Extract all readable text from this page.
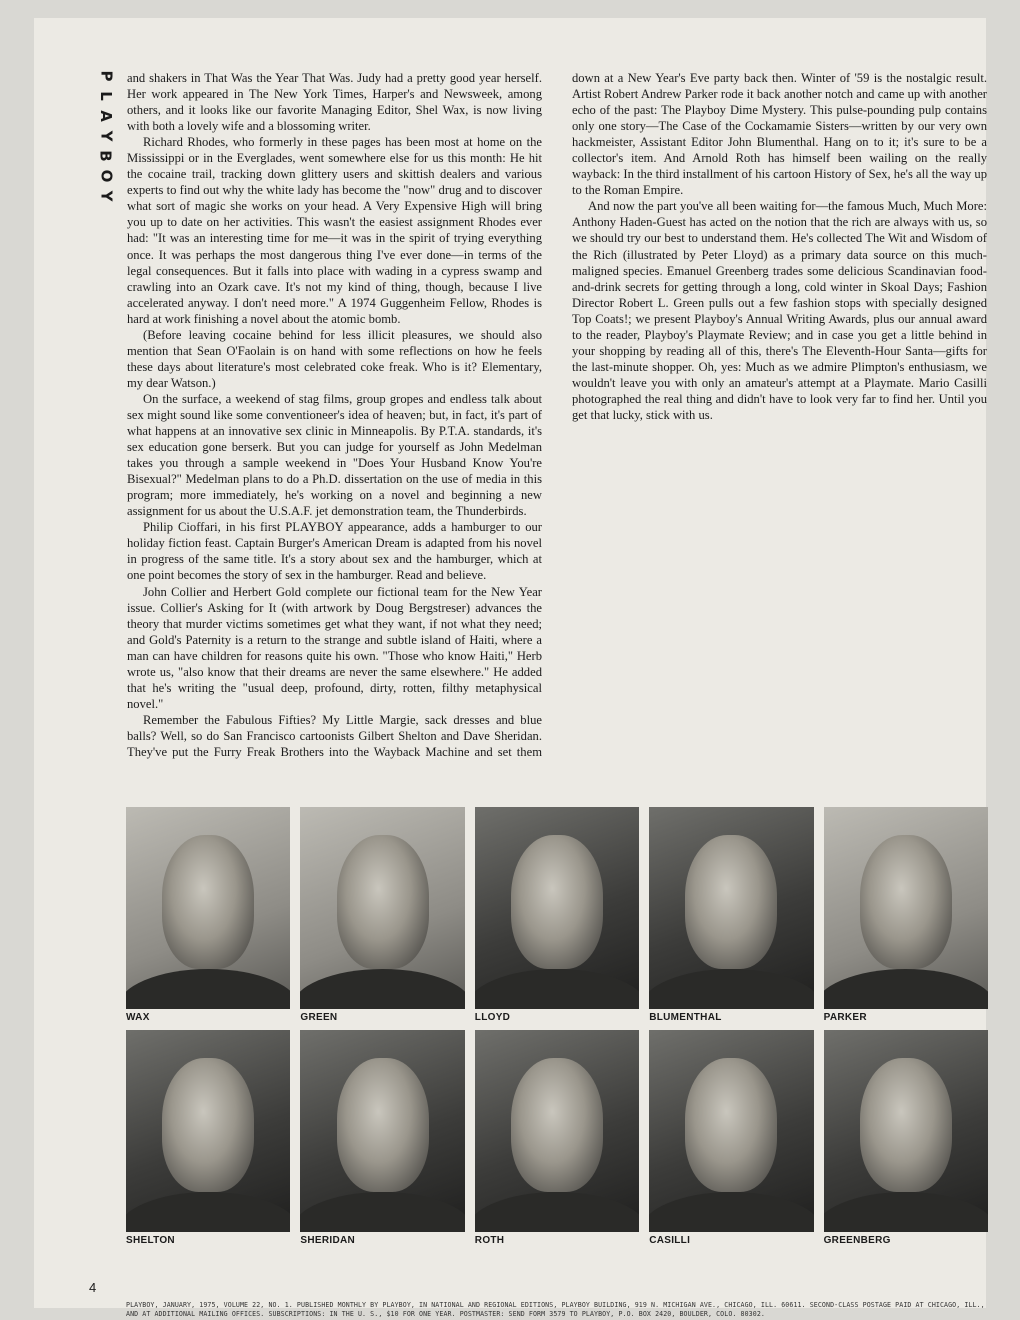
P
L
A
Y
B
O
Y

and shakers in That Was the Year That Was. Judy had a pretty good year herself. Her work appeared in The New York Times, Harper's and Newsweek, among others, and it looks like our favorite Managing Editor, Shel Wax, is now living with both a lovely wife and a blossoming writer.

Richard Rhodes, who formerly in these pages has been most at home on the Mississippi or in the Everglades, went somewhere else for us this month: He hit the cocaine trail, tracking down glittery users and skittish dealers and various experts to find out why the white lady has become the "now" drug and to discover what sort of magic she works on your head. A Very Expensive High will bring you up to date on her activities. This wasn't the easiest assignment Rhodes ever had: "It was an interesting time for me—it was in the spirit of trying everything once. It was perhaps the most dangerous thing I've ever done—in terms of the legal consequences. But it falls into place with wading in a cypress swamp and crawling into an Ozark cave. It's not my kind of thing, though, because I live accelerated anyway. I don't need more." A 1974 Guggenheim Fellow, Rhodes is hard at work finishing a novel about the atomic bomb.

(Before leaving cocaine behind for less illicit pleasures, we should also mention that Sean O'Faolain is on hand with some reflections on how he feels these days about literature's most celebrated coke freak. Who is it? Elementary, my dear Watson.)

On the surface, a weekend of stag films, group gropes and endless talk about sex might sound like some conventioneer's idea of heaven; but, in fact, it's part of what happens at an innovative sex clinic in Minneapolis. By P.T.A. standards, it's sex education gone berserk. But you can judge for yourself as John Medelman takes you through a sample weekend in "Does Your Husband Know You're Bisexual?" Medelman plans to do a Ph.D. dissertation on the use of media in this program; more immediately, he's working on a novel and beginning a new assignment for us about the U.S.A.F. jet demonstration team, the Thunderbirds.

Philip Cioffari, in his first PLAYBOY appearance, adds a hamburger to our holiday fiction feast. Captain Burger's American Dream is adapted from his novel in progress of the same title. It's a story about sex and the hamburger, which at one point becomes the story of sex in the hamburger. Read and believe.

John Collier and Herbert Gold complete our fictional team for the New Year issue. Collier's Asking for It (with artwork by Doug Bergstreser) advances the theory that murder victims sometimes get what they want, if not what they need; and Gold's Paternity is a return to the strange and subtle island of Haiti, where a man can have children for reasons quite his own. "Those who know Haiti," Herb wrote us, "also know that their dreams are never the same elsewhere." He added that he's writing the "usual deep, profound, dirty, rotten, filthy metaphysical novel."

Remember the Fabulous Fifties? My Little Margie, sack dresses and blue balls? Well, so do San Francisco cartoonists Gilbert Shelton and Dave Sheridan. They've put the Furry Freak Brothers into the Wayback Machine and set them down at a New Year's Eve party back then. Winter of '59 is the nostalgic result. Artist Robert Andrew Parker rode it back another notch and came up with another echo of the past: The Playboy Dime Mystery. This pulse-pounding pulp contains only one story—The Case of the Cockamamie Sisters—written by our very own hackmeister, Assistant Editor John Blumenthal. Hang on to it; it's sure to be a collector's item. And Arnold Roth has himself been wailing on the really wayback: In the third installment of his cartoon History of Sex, he's all the way up to the Roman Empire.

And now the part you've all been waiting for—the famous Much, Much More: Anthony Haden-Guest has acted on the notion that the rich are always with us, so we should try our best to understand them. He's collected The Wit and Wisdom of the Rich (illustrated by Peter Lloyd) as a primary data source on this much-maligned species. Emanuel Greenberg trades some delicious Scandinavian food-and-drink secrets for getting through a long, cold winter in Skoal Days; Fashion Director Robert L. Green pulls out a few fashion stops with specially designed Top Coats!; we present Playboy's Annual Writing Awards, plus our annual award to the reader, Playboy's Playmate Review; and in case you get a little behind in your shopping by reading all of this, there's The Eleventh-Hour Santa—gifts for the last-minute shopper. Oh, yes: Much as we admire Plimpton's enthusiasm, we wouldn't leave you with only an amateur's attempt at a Playmate. Mario Casilli photographed the real thing and didn't have to look very far to find her. Until you get that lucky, stick with us.

WAX	GREEN	LLOYD	BLUMENTHAL	PARKER
SHELTON	SHERIDAN	ROTH	CASILLI	GREENBERG
4
PLAYBOY, JANUARY, 1975, VOLUME 22, NO. 1. PUBLISHED MONTHLY BY PLAYBOY, IN NATIONAL AND REGIONAL EDITIONS, PLAYBOY BUILDING, 919 N. MICHIGAN AVE., CHICAGO, ILL. 60611. SECOND-CLASS POSTAGE PAID AT CHICAGO, ILL., AND AT ADDITIONAL MAILING OFFICES. SUBSCRIPTIONS: IN THE U. S., $10 FOR ONE YEAR. POSTMASTER: SEND FORM 3579 TO PLAYBOY, P.O. BOX 2420, BOULDER, COLO. 80302.
